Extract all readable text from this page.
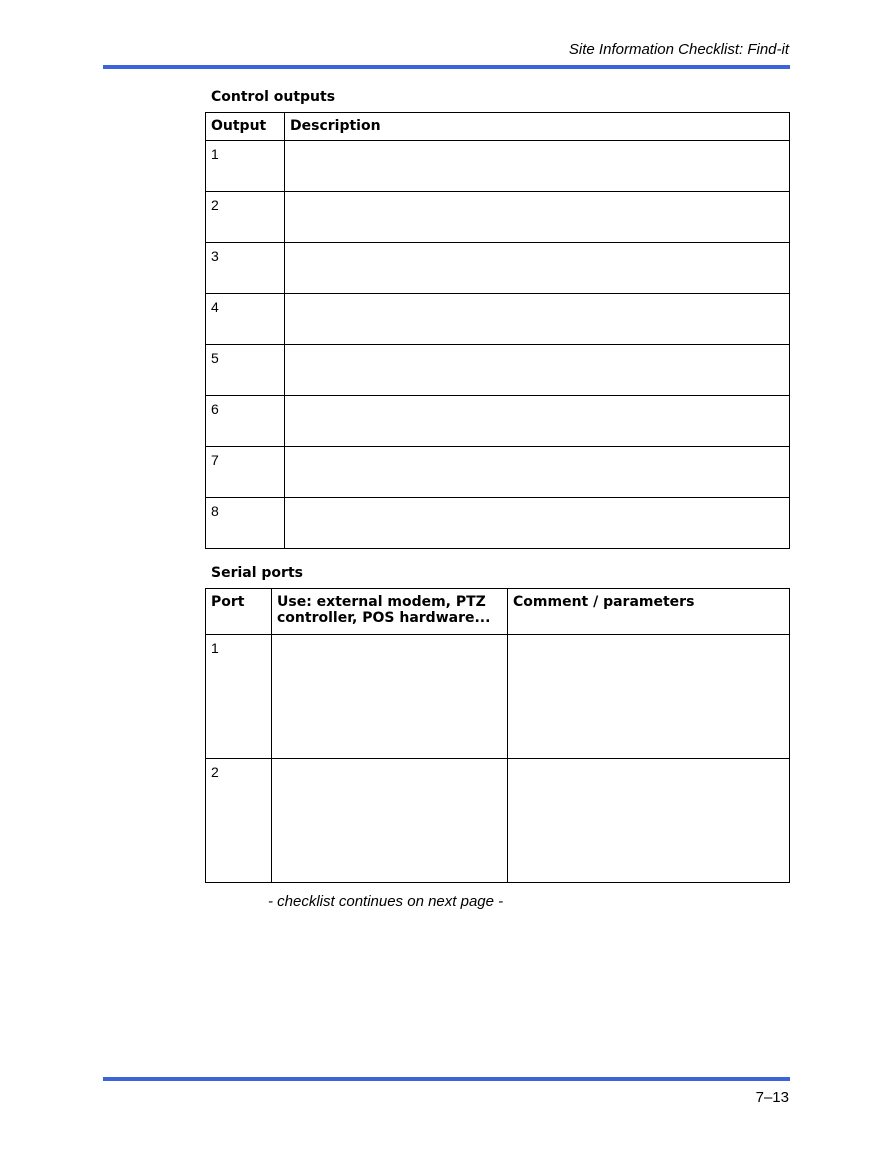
Site Information Checklist: Find-it
Control outputs
Output	Description
1	
2	
3	
4	
5	
6	
7	
8	
Serial ports
Port	Use: external modem, PTZ controller, POS hardware...	Comment / parameters
1		
2		
- checklist continues on next page -
7–13
